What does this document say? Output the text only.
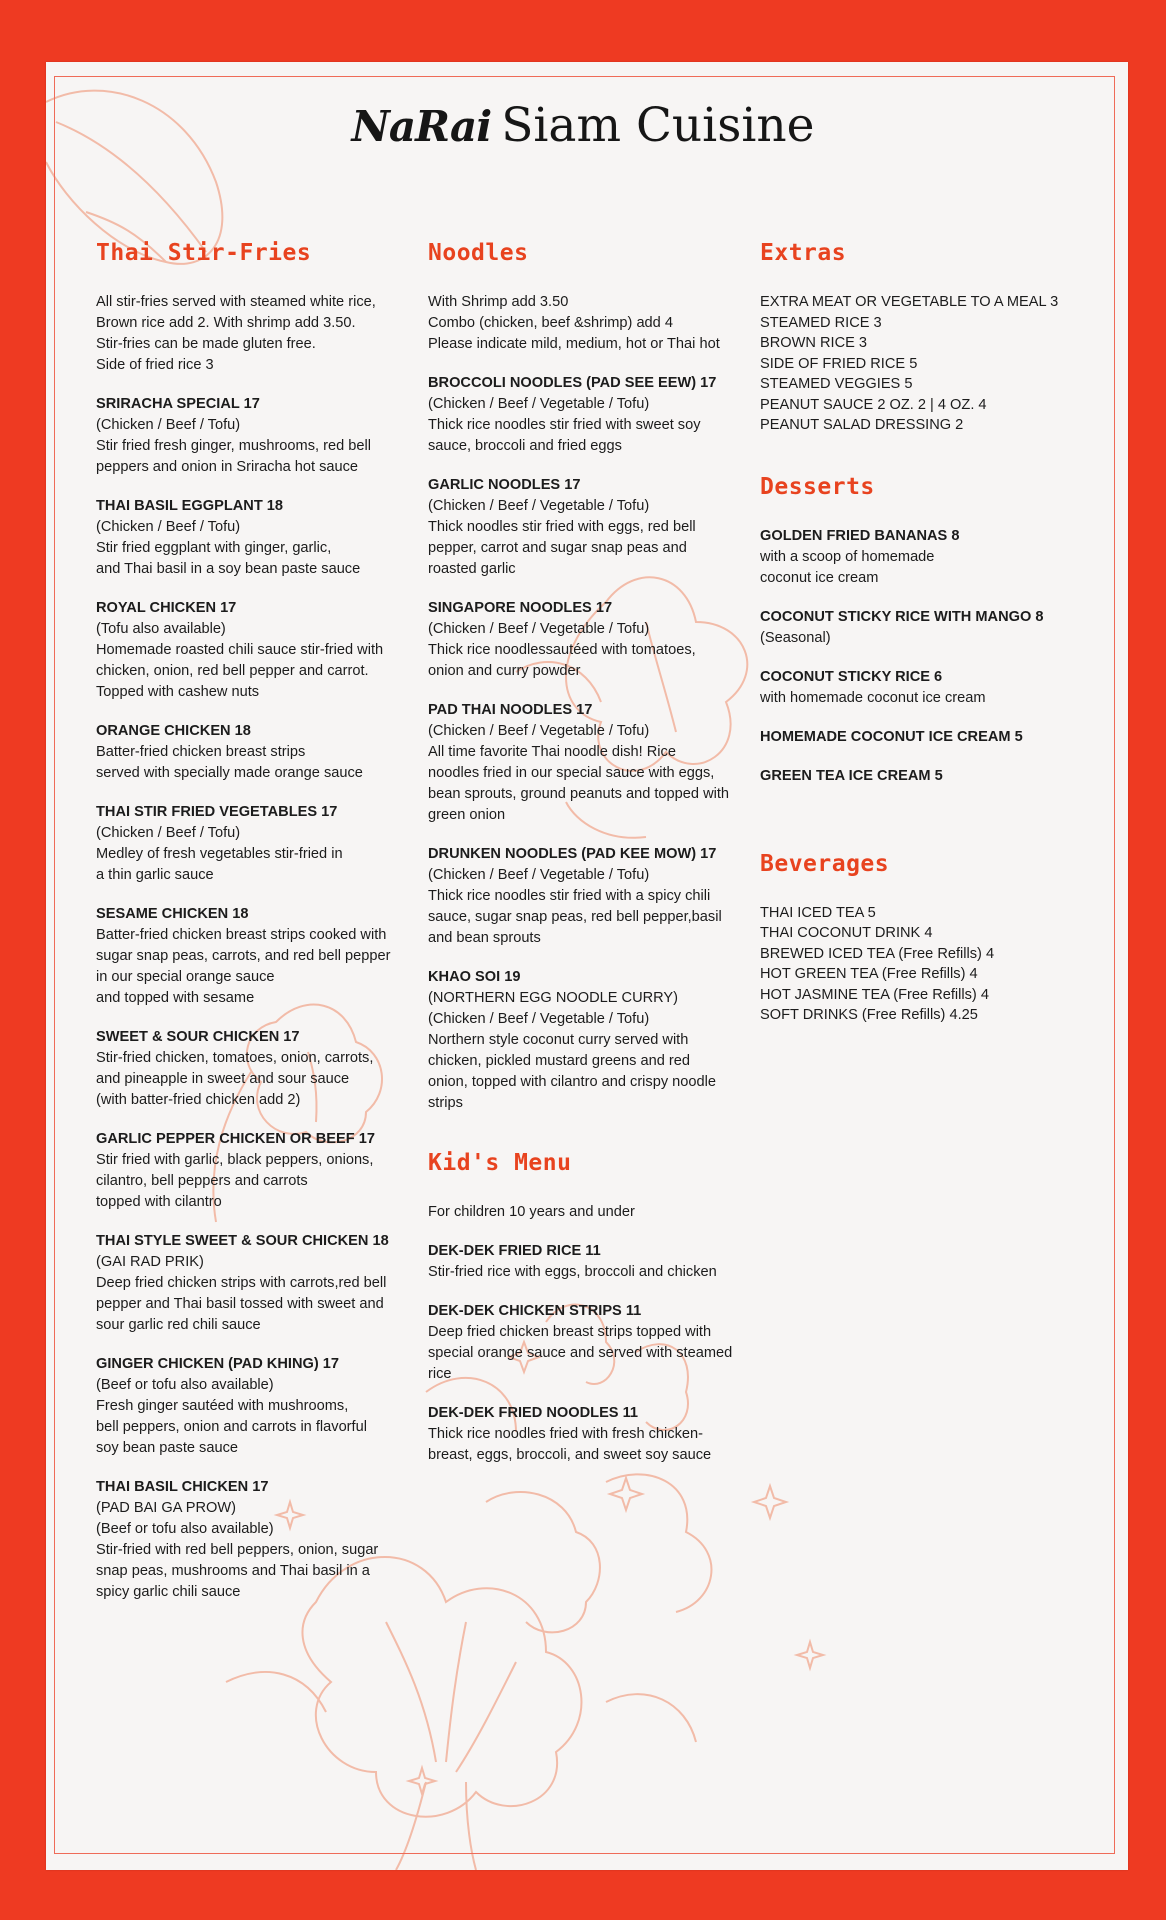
NaRai Siam Cuisine
Thai Stir-Fries
All stir-fries served with steamed white rice,
Brown rice add 2. With shrimp add 3.50.
Stir-fries can be made gluten free.
Side of fried rice 3
SRIRACHA SPECIAL 17
(Chicken / Beef / Tofu)
Stir fried fresh ginger, mushrooms, red bell
peppers and onion in Sriracha hot sauce
THAI BASIL EGGPLANT 18
(Chicken / Beef / Tofu)
Stir fried eggplant with ginger, garlic,
and Thai basil in a soy bean paste sauce
ROYAL CHICKEN 17
(Tofu also available)
Homemade roasted chili sauce stir-fried with
chicken, onion, red bell pepper and carrot.
Topped with cashew nuts
ORANGE CHICKEN 18
Batter-fried chicken breast strips
served with specially made orange sauce
THAI STIR FRIED VEGETABLES 17
(Chicken / Beef / Tofu)
Medley of fresh vegetables stir-fried in
a thin garlic sauce
SESAME CHICKEN 18
Batter-fried chicken breast strips cooked with
sugar snap peas, carrots, and red bell pepper
in our special orange sauce
and topped with sesame
SWEET & SOUR CHICKEN 17
Stir-fried chicken, tomatoes, onion, carrots,
and pineapple in sweet and sour sauce
(with batter-fried chicken add 2)
GARLIC PEPPER CHICKEN OR BEEF 17
Stir fried with garlic, black peppers, onions,
cilantro, bell peppers and carrots
topped with cilantro
THAI STYLE SWEET & SOUR CHICKEN 18
(GAI RAD PRIK)
Deep fried chicken strips with carrots,red bell
pepper and Thai basil tossed with sweet and
sour garlic red chili sauce
GINGER CHICKEN (PAD KHING) 17
(Beef or tofu also available)
Fresh ginger sautéed with mushrooms,
bell peppers, onion and carrots in flavorful
soy bean paste sauce
THAI BASIL CHICKEN 17
(PAD BAI GA PROW)
(Beef or tofu also available)
Stir-fried with red bell peppers, onion, sugar
snap peas, mushrooms and Thai basil in a
spicy garlic chili sauce
Noodles
With Shrimp add 3.50
Combo (chicken, beef &shrimp) add 4
Please indicate mild, medium, hot or Thai hot
BROCCOLI NOODLES (PAD SEE EEW) 17
(Chicken / Beef / Vegetable / Tofu)
Thick rice noodles stir fried with sweet soy
sauce, broccoli and fried eggs
GARLIC NOODLES 17
(Chicken / Beef / Vegetable / Tofu)
Thick noodles stir fried with eggs, red bell
pepper, carrot and sugar snap peas and
roasted garlic
SINGAPORE NOODLES 17
(Chicken / Beef / Vegetable / Tofu)
Thick rice noodlessautéed with tomatoes,
onion and curry powder
PAD THAI NOODLES 17
(Chicken / Beef / Vegetable / Tofu)
All time favorite Thai noodle dish! Rice
noodles fried in our special sauce with eggs,
bean sprouts, ground peanuts and topped with
green onion
DRUNKEN NOODLES (PAD KEE MOW) 17
(Chicken / Beef / Vegetable / Tofu)
Thick rice noodles stir fried with a spicy chili
sauce, sugar snap peas, red bell pepper,basil
and bean sprouts
KHAO SOI 19
(NORTHERN EGG NOODLE CURRY)
(Chicken / Beef / Vegetable / Tofu)
Northern style coconut curry served with
chicken, pickled mustard greens and red
onion, topped with cilantro and crispy noodle
strips
Kid's Menu
For children 10 years and under
DEK-DEK FRIED RICE 11
Stir-fried rice with eggs, broccoli and chicken
DEK-DEK CHICKEN STRIPS 11
Deep fried chicken breast strips topped with
special orange sauce and served with steamed rice
DEK-DEK FRIED NOODLES 11
Thick rice noodles fried with fresh chicken-
breast, eggs, broccoli, and sweet soy sauce
Extras
EXTRA MEAT OR VEGETABLE TO A MEAL 3
STEAMED RICE 3
BROWN RICE 3
SIDE OF FRIED RICE 5
STEAMED VEGGIES 5
PEANUT SAUCE 2 OZ. 2 | 4 OZ. 4
PEANUT SALAD DRESSING 2
Desserts
GOLDEN FRIED BANANAS 8
with a scoop of homemade
coconut ice cream
COCONUT STICKY RICE WITH MANGO 8
(Seasonal)
COCONUT STICKY RICE 6
with homemade coconut ice cream
HOMEMADE COCONUT ICE CREAM 5
GREEN TEA ICE CREAM 5
Beverages
THAI ICED TEA 5
THAI COCONUT DRINK 4
BREWED ICED TEA (Free Refills) 4
HOT GREEN TEA (Free Refills) 4
HOT JASMINE TEA (Free Refills) 4
SOFT DRINKS (Free Refills) 4.25
